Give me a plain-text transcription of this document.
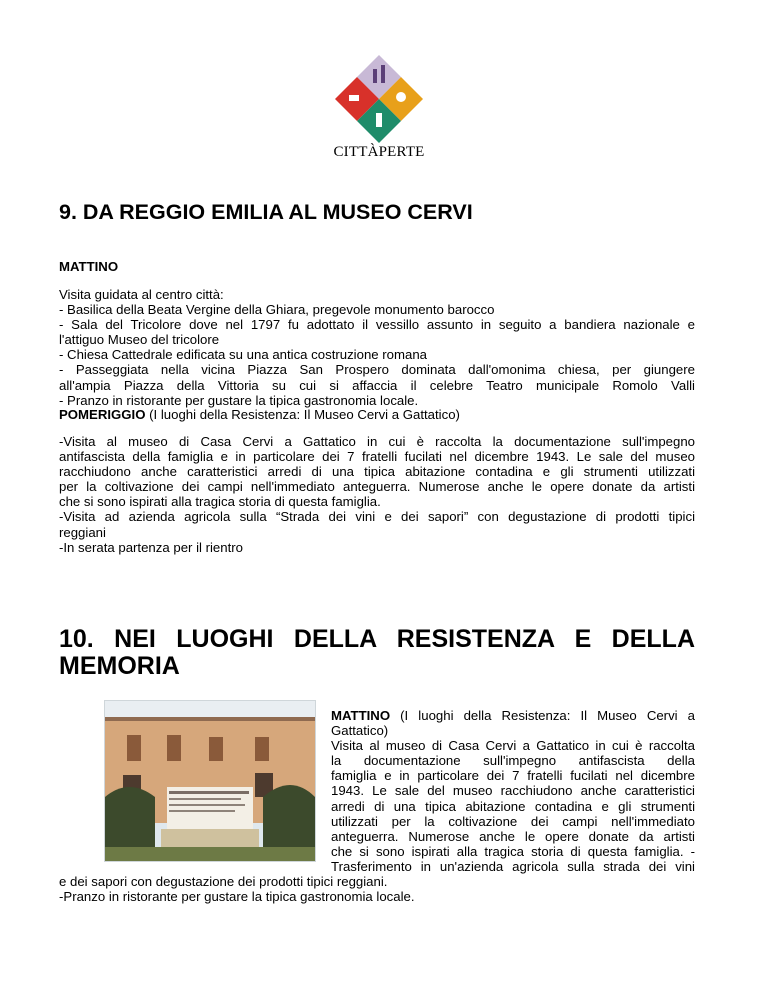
CITTÀPERTE
9. DA REGGIO EMILIA AL MUSEO CERVI
MATTINO
Visita guidata al centro città:
- Basilica della Beata Vergine della Ghiara, pregevole monumento barocco
- Sala del Tricolore dove nel 1797 fu adottato il vessillo assunto in seguito a bandiera nazionale e
l'attiguo Museo del tricolore
- Chiesa Cattedrale edificata su una antica costruzione romana
- Passeggiata nella vicina Piazza San Prospero dominata dall'omonima chiesa, per giungere
all'ampia Piazza della Vittoria su cui si affaccia il celebre Teatro municipale Romolo Valli
- Pranzo in ristorante per gustare la tipica gastronomia locale.
POMERIGGIO (I luoghi della Resistenza: Il Museo Cervi a Gattatico)
-Visita al museo di Casa Cervi a Gattatico in cui è raccolta la documentazione sull'impegno
antifascista della famiglia e in particolare dei 7 fratelli fucilati nel dicembre 1943. Le sale del museo
racchiudono anche caratteristici arredi di una tipica abitazione contadina e gli strumenti utilizzati
per la coltivazione dei campi nell'immediato anteguerra. Numerose anche le opere donate da artisti
che si sono ispirati alla tragica storia di questa famiglia.
-Visita ad azienda agricola sulla “Strada dei vini e dei sapori” con degustazione di prodotti tipici
reggiani
-In serata partenza per il rientro
10. NEI LUOGHI DELLA RESISTENZA E DELLA
MEMORIA
MATTINO (I luoghi della Resistenza: Il Museo Cervi a
Gattatico)
Visita al museo di Casa Cervi a Gattatico in cui è raccolta
la documentazione sull'impegno antifascista della
famiglia e in particolare dei 7 fratelli fucilati nel dicembre
1943. Le sale del museo racchiudono anche caratteristici
arredi di una tipica abitazione contadina e gli strumenti
utilizzati per la coltivazione dei campi nell'immediato
anteguerra. Numerose anche le opere donate da artisti
che si sono ispirati alla tragica storia di questa famiglia. -
Trasferimento in un'azienda agricola sulla strada dei vini
e dei sapori con degustazione dei prodotti tipici reggiani.
-Pranzo in ristorante per gustare la tipica gastronomia locale.
